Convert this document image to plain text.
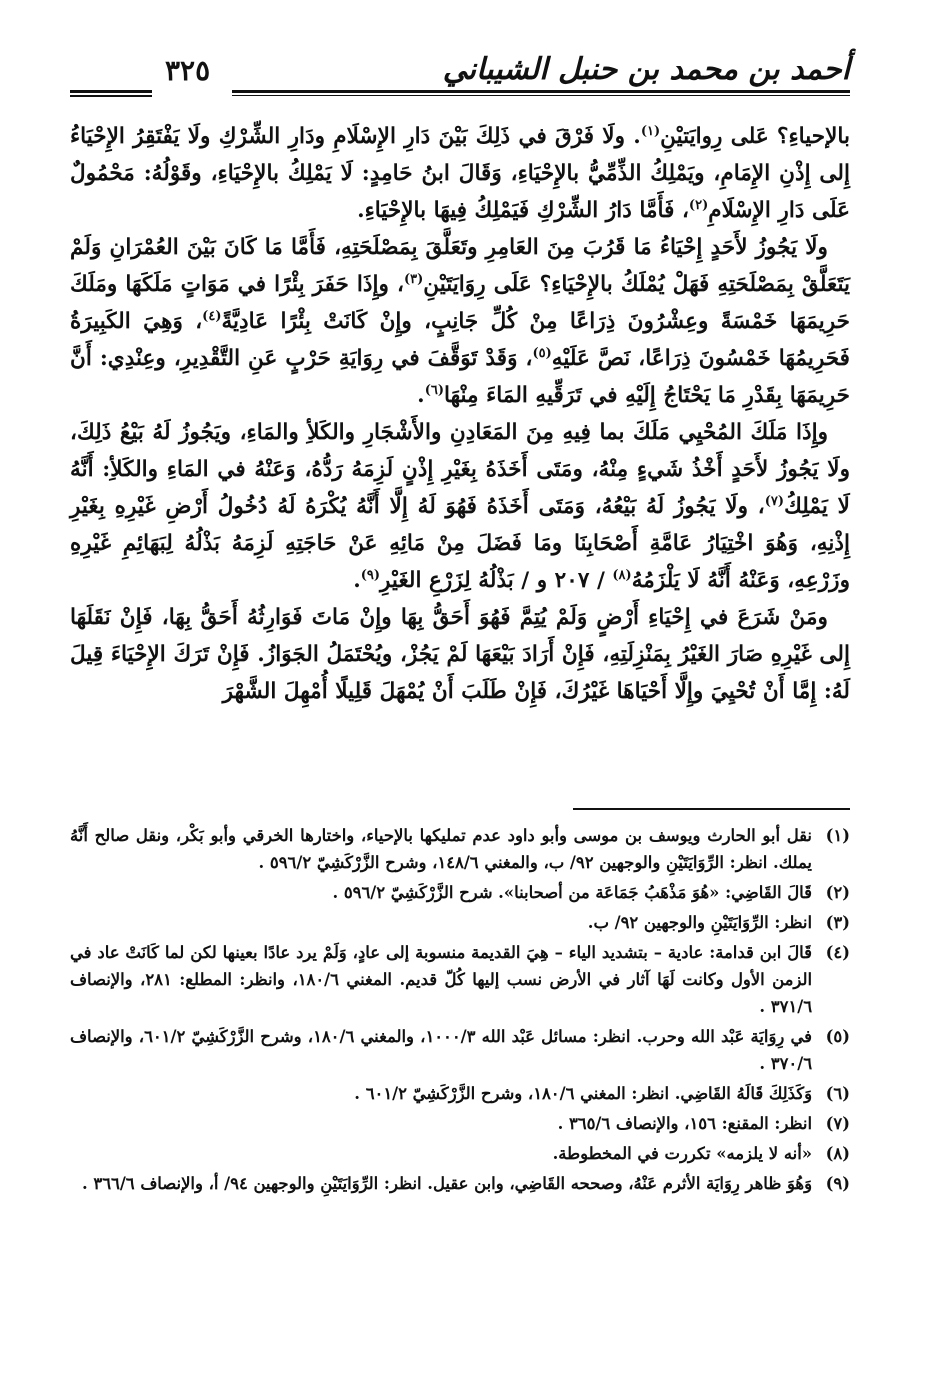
أحمد بن محمد بن حنبل الشيباني
٣٢٥

بالإحياءِ؟ عَلى رِوايَتيْنِ$^{(١)}$. ولَا فَرْقَ في ذَلِكَ بَيْنَ دَارِ الإِسْلَامِ ودَارِ الشِّرْكِ ولَا يَفْتَقِرُ الإِحْيَاءُ إِلى إِذْنِ الإِمَامِ، ويَمْلِكُ الذِّمِّيُّ بالإِحْيَاءِ، وَقَالَ ابنُ حَامِدٍ: لَا يَمْلِكُ بالإِحْيَاءِ، وقَوْلُهُ: مَحْمُولٌ عَلَى دَارِ الإِسْلَامِ$^{(٢)}$، فَأَمَّا دَارُ الشِّرْكِ فَيَمْلِكُ فِيهَا بالإِحْيَاءِ.

ولَا يَجُوزُ لأَحَدٍ إِحْيَاءُ مَا قَرُبَ مِنَ العَامِرِ وتَعَلَّقَ بِمَصْلَحَتِهِ، فَأَمَّا مَا كَانَ بَيْنَ العُمْرَانِ وَلَمْ يَتَعَلَّقْ بِمَصْلَحَتِهِ فَهَلْ يُمْلَكُ بالإِحْيَاءِ؟ عَلَى رِوَايَتَيْنِ$^{(٣)}$، وإِذَا حَفَرَ بِئْرًا في مَوَاتٍ مَلَكَهَا ومَلَكَ حَرِيمَهَا خَمْسَةً وعِشْرُونَ ذِرَاعًا مِنْ كُلِّ جَانِبٍ، وإِنْ كَانَتْ بِئْرًا عَادِيَّةً$^{(٤)}$، وَهِيَ الكَبِيرَةُ فَحَرِيمُهَا خَمْسُونَ ذِرَاعًا، نَصَّ عَلَيْهِ$^{(٥)}$، وَقَدْ تَوَقَّفَ في رِوَايَةِ حَرْبٍ عَنِ التَّقْدِيرِ، وعِنْدِي: أَنَّ حَرِيمَهَا بِقَدْرِ مَا يَحْتَاجُ إِلَيْهِ في تَرَقِّيهِ المَاءَ مِنْهَا$^{(٦)}$.

وإِذَا مَلَكَ المُحْيِي مَلَكَ بما فِيهِ مِنَ المَعَادِنِ والأَشْجَارِ والكَلأِ والمَاءِ، ويَجُوزُ لَهُ بَيْعُ ذَلِكَ، ولَا يَجُوزُ لأَحَدٍ أَخْذُ شَيءٍ مِنْهُ، ومَتَى أَخَذَهُ بِغَيْرِ إِذْنٍ لَزِمَهُ رَدُّهُ، وَعَنْهُ في المَاءِ والكَلأِ: أَنَّهُ لَا يَمْلِكُ$^{(٧)}$، ولَا يَجُوزُ لَهُ بَيْعُهُ، وَمَتَى أَخَذَهُ فَهُوَ لَهُ إِلَّا أَنَّهُ يُكْرَهُ لَهُ دُخُولُ أَرْضِ غَيْرِهِ بِغَيْرِ إِذْنِهِ، وَهُوَ اخْتِيَارُ عَامَّةِ أَصْحَابِنَا ومَا فَضَلَ مِنْ مَائِهِ عَنْ حَاجَتِهِ لَزِمَهُ بَذْلُهُ لِبَهَائِمِ غَيْرِهِ وزَرْعِهِ، وَعَنْهُ أَنَّهُ لَا يَلْزَمُهُ$^{(٨)}$ / ٢٠٧ و / بَذْلُهُ لِزَرْعِ الغَيْرِ$^{(٩)}$.

ومَنْ شَرَعَ في إِحْيَاءِ أَرْضٍ وَلَمْ يُتِمَّ فَهُوَ أَحَقُّ بِهَا وإِنْ مَاتَ فَوَارِثُهُ أَحَقُّ بِهَا، فَإِنْ نَقَلَهَا إِلى غَيْرِهِ صَارَ الغَيْرُ بِمَنْزِلَتِهِ، فَإِنْ أَرَادَ بَيْعَهَا لَمْ يَجُزْ، ويُحْتَمَلُ الجَوَازُ. فَإِنْ تَرَكَ الإِحْيَاءَ قِيلَ لَهُ: إِمَّا أَنْ تُحْيِيَ وإِلَّا أَحْيَاهَا غَيْرُكَ، فَإِنْ طَلَبَ أَنْ يُمْهَلَ قَلِيلًا أُمْهِلَ الشَّهْرَ

(١)
نقل أبو الحارث ويوسف بن موسى وأبو داود عدم تمليكها بالإحياء، واختارها الخرقي وأبو بَكْر، ونقل صالح أَنَّهُ يملك. انظر: الرِّوَايَتَيْنِ والوجهين ٩٢/ ب، والمغني ١٤٨/٦، وشرح الزَّرْكَشِيّ ٥٩٦/٢ .

(٢)
قَالَ القَاضِي: «هُوَ مَذْهَبُ جَمَاعَة من أصحابنا». شرح الزَّرْكَشِيّ ٥٩٦/٢ .

(٣)
انظر: الرِّوَايَتَيْنِ والوجهين ٩٢/ ب.

(٤)
قَالَ ابن قدامة: عادية – بتشديد الياء – هِيَ القديمة منسوبة إلى عادٍ، وَلَمْ يرد عادًا بعينها لكن لما كَانَتْ عاد في الزمن الأول وكانت لَهَا آثار في الأرض نسب إليها كُلّ قديم. المغني ١٨٠/٦، وانظر: المطلع: ٢٨١، والإنصاف ٣٧١/٦ .

(٥)
في رِوَايَة عَبْد الله وحرب. انظر: مسائل عَبْد الله ١٠٠٠/٣، والمغني ١٨٠/٦، وشرح الزَّرْكَشِيّ ٦٠١/٢، والإنصاف ٣٧٠/٦ .

(٦)
وَكَذَلِكَ قَالَهُ القَاضِي. انظر: المغني ١٨٠/٦، وشرح الزَّرْكَشِيّ ٦٠١/٢ .

(٧)
انظر: المقنع: ١٥٦، والإنصاف ٣٦٥/٦ .

(٨)
«أنه لا يلزمه» تكررت في المخطوطة.

(٩)
وَهُوَ ظاهر رِوَايَة الأثرم عَنْهُ، وصححه القَاضِي، وابن عقيل. انظر: الرِّوَايَتَيْنِ والوجهين ٩٤/ أ، والإنصاف ٣٦٦/٦ .
